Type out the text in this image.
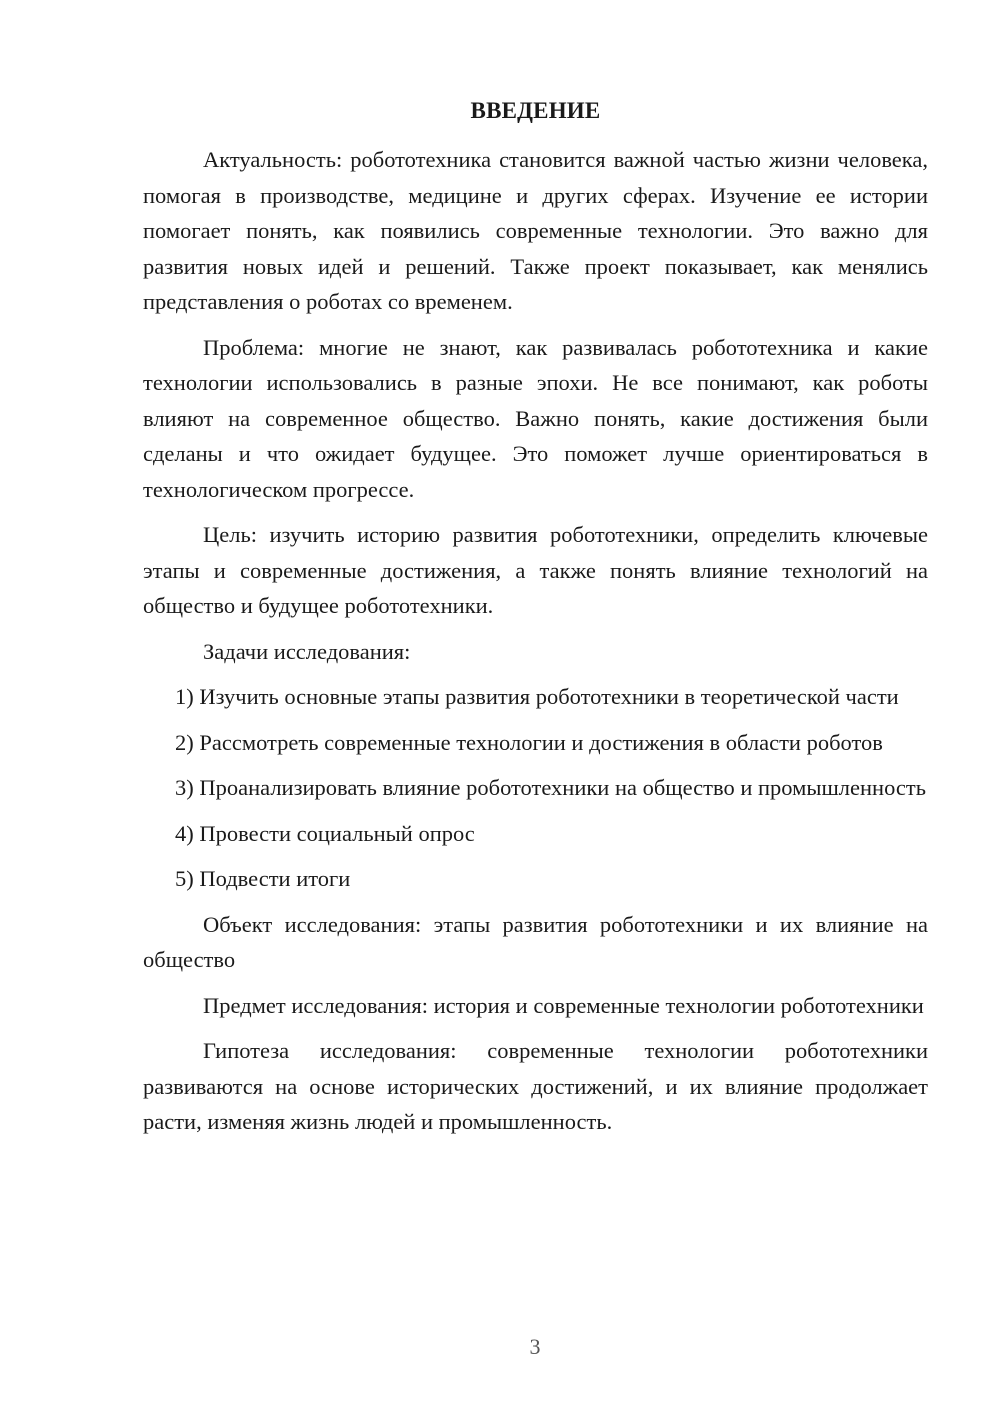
ВВЕДЕНИЕ

Актуальность: робототехника становится важной частью жизни человека, помогая в производстве, медицине и других сферах. Изучение ее истории помогает понять, как появились современные технологии. Это важно для развития новых идей и решений. Также проект показывает, как менялись представления о роботах со временем.

Проблема: многие не знают, как развивалась робототехника и какие технологии использовались в разные эпохи. Не все понимают, как роботы влияют на современное общество. Важно понять, какие достижения были сделаны и что ожидает будущее. Это поможет лучше ориентироваться в технологическом прогрессе.

Цель: изучить историю развития робототехники, определить ключевые этапы и современные достижения, а также понять влияние технологий на общество и будущее робототехники.

Задачи исследования:

1) Изучить основные этапы развития робототехники в теоретической части

2) Рассмотреть современные технологии и достижения в области роботов

3) Проанализировать влияние робототехники на общество и промышленность

4) Провести социальный опрос

5) Подвести итоги

Объект исследования: этапы развития робототехники и их влияние на общество

Предмет исследования: история и современные технологии робототехники

Гипотеза исследования: современные технологии робототехники развиваются на основе исторических достижений, и их влияние продолжает расти, изменяя жизнь людей и промышленность.

3
